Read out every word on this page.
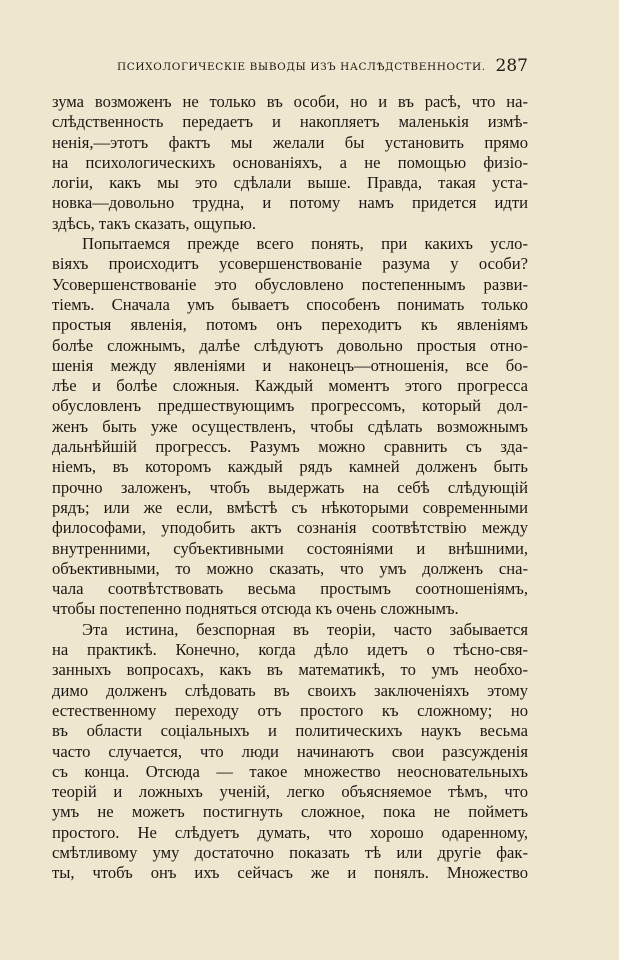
ПСИХОЛОГИЧЕСКІЕ ВЫВОДЫ ИЗЪ НАСЛѢДСТВЕННОСТИ. 287
зума возможенъ не только въ особи, но и въ расѣ, что на-
слѣдственность передаетъ и накопляетъ маленькія измѣ-
ненія,—этотъ фактъ мы желали бы установить прямо
на психологическихъ основаніяхъ, а не помощью физіо-
логіи, какъ мы это сдѣлали выше. Правда, такая уста-
новка—довольно трудна, и потому намъ придется идти
здѣсь, такъ сказать, ощупью.
Попытаемся прежде всего понять, при какихъ усло-
віяхъ происходитъ усовершенствованіе разума у особи?
Усовершенствованіе это обусловлено постепеннымъ разви-
тіемъ. Сначала умъ бываетъ способенъ понимать только
простыя явленія, потомъ онъ переходитъ къ явленіямъ
болѣе сложнымъ, далѣе слѣдуютъ довольно простыя отно-
шенія между явленіями и наконецъ—отношенія, все бо-
лѣе и болѣе сложныя. Каждый моментъ этого прогресса
обусловленъ предшествующимъ прогрессомъ, который дол-
женъ быть уже осуществленъ, чтобы сдѣлать возможнымъ
дальнѣйшій прогрессъ. Разумъ можно сравнить съ зда-
ніемъ, въ которомъ каждый рядъ камней долженъ быть
прочно заложенъ, чтобъ выдержать на себѣ слѣдующій
рядъ; или же если, вмѣстѣ съ нѣкоторыми современными
философами, уподобить актъ сознанія соотвѣтствію между
внутренними, субъективными состояніями и внѣшними,
объективными, то можно сказать, что умъ долженъ сна-
чала соотвѣтствовать весьма простымъ соотношеніямъ,
чтобы постепенно подняться отсюда къ очень сложнымъ.
Эта истина, безспорная въ теоріи, часто забывается
на практикѣ. Конечно, когда дѣло идетъ о тѣсно-свя-
занныхъ вопросахъ, какъ въ математикѣ, то умъ необхо-
димо долженъ слѣдовать въ своихъ заключеніяхъ этому
естественному переходу отъ простого къ сложному; но
въ области соціальныхъ и политическихъ наукъ весьма
часто случается, что люди начинаютъ свои разсужденія
съ конца. Отсюда — такое множество неосновательныхъ
теорій и ложныхъ ученій, легко объясняемое тѣмъ, что
умъ не можетъ постигнуть сложное, пока не пойметъ
простого. Не слѣдуетъ думать, что хорошо одаренному,
смѣтливому уму достаточно показать тѣ или другіе фак-
ты, чтобъ онъ ихъ сейчасъ же и понялъ. Множество
